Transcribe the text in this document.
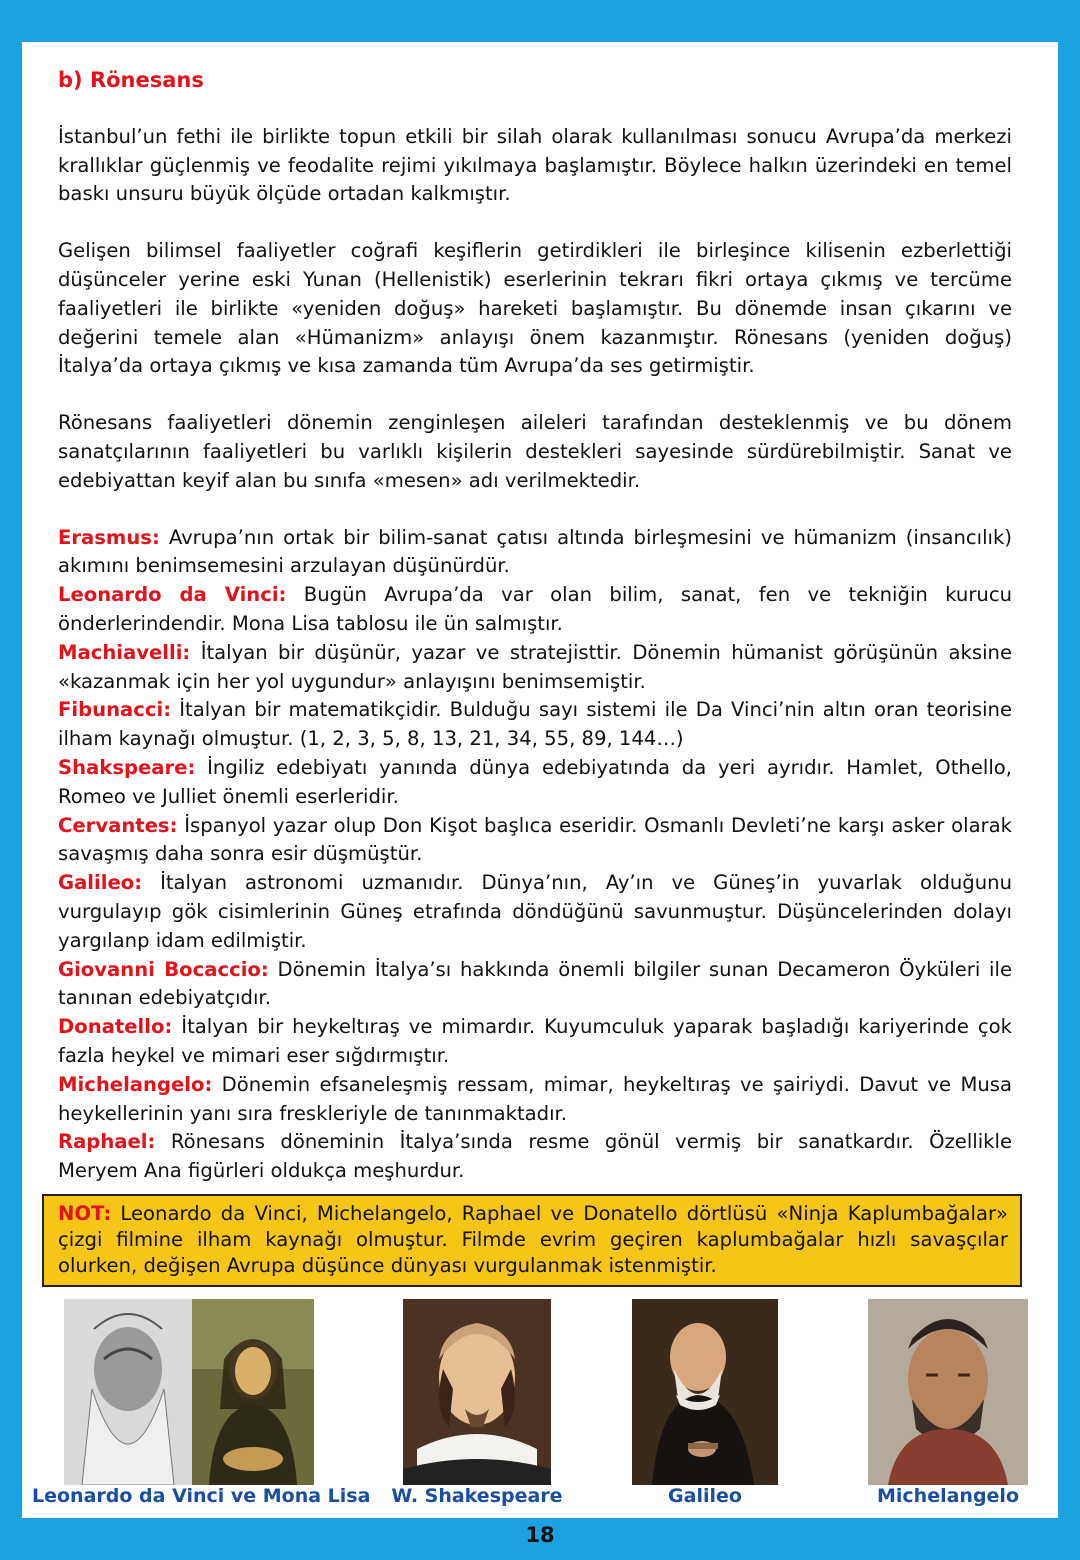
b) Rönesans

İstanbul’un fethi ile birlikte topun etkili bir silah olarak kullanılması sonucu Avrupa’da merkezi krallıklar güçlenmiş ve feodalite rejimi yıkılmaya başlamıştır. Böylece halkın üzerindeki en temel baskı unsuru büyük ölçüde ortadan kalkmıştır.

Gelişen bilimsel faaliyetler coğrafi keşiflerin getirdikleri ile birleşince kilisenin ezberlettiği düşünceler yerine eski Yunan (Hellenistik) eserlerinin tekrarı fikri ortaya çıkmış ve tercüme faaliyetleri ile birlikte «yeniden doğuş» hareketi başlamıştır. Bu dönemde insan çıkarını ve değerini temele alan «Hümanizm» anlayışı önem kazanmıştır. Rönesans (yeniden doğuş) İtalya’da ortaya çıkmış ve kısa zamanda tüm Avrupa’da ses getirmiştir.

Rönesans faaliyetleri dönemin zenginleşen aileleri tarafından desteklenmiş ve bu dönem sanatçılarının faaliyetleri bu varlıklı kişilerin destekleri sayesinde sürdürebilmiştir. Sanat ve edebiyattan keyif alan bu sınıfa «mesen» adı verilmektedir.

Erasmus: Avrupa’nın ortak bir bilim-sanat çatısı altında birleşmesini ve hümanizm (insancılık) akımını benimsemesini arzulayan düşünürdür.

Leonardo da Vinci: Bugün Avrupa’da var olan bilim, sanat, fen ve tekniğin kurucu önderlerindendir. Mona Lisa tablosu ile ün salmıştır.

Machiavelli: İtalyan bir düşünür, yazar ve stratejisttir. Dönemin hümanist görüşünün aksine «kazanmak için her yol uygundur» anlayışını benimsemiştir.

Fibunacci: İtalyan bir matematikçidir. Bulduğu sayı sistemi ile Da Vinci’nin altın oran teorisine ilham kaynağı olmuştur. (1, 2, 3, 5, 8, 13, 21, 34, 55, 89, 144…)

Shakspeare: İngiliz edebiyatı yanında dünya edebiyatında da yeri ayrıdır. Hamlet, Othello, Romeo ve Julliet önemli eserleridir.

Cervantes: İspanyol yazar olup Don Kişot başlıca eseridir. Osmanlı Devleti’ne karşı asker olarak savaşmış daha sonra esir düşmüştür.

Galileo: İtalyan astronomi uzmanıdır. Dünya’nın, Ay’ın ve Güneş’in yuvarlak olduğunu vurgulayıp gök cisimlerinin Güneş etrafında döndüğünü savunmuştur. Düşüncelerinden dolayı yargılanp idam edilmiştir.

Giovanni Bocaccio: Dönemin İtalya’sı hakkında önemli bilgiler sunan Decameron Öyküleri ile tanınan edebiyatçıdır.

Donatello: İtalyan bir heykeltıraş ve mimardır. Kuyumculuk yaparak başladığı kariyerinde çok fazla heykel ve mimari eser sığdırmıştır.

Michelangelo: Dönemin efsaneleşmiş ressam, mimar, heykeltıraş ve şairiydi. Davut ve Musa heykellerinin yanı sıra freskleriyle de tanınmaktadır.

Raphael: Rönesans döneminin İtalya’sında resme gönül vermiş bir sanatkardır. Özellikle Meryem Ana figürleri oldukça meşhurdur.

NOT: Leonardo da Vinci, Michelangelo, Raphael ve Donatello dörtlüsü «Ninja Kaplumbağalar» çizgi filmine ilham kaynağı olmuştur. Filmde evrim geçiren kaplumbağalar hızlı savaşçılar olurken, değişen Avrupa düşünce dünyası vurgulanmak istenmiştir.
Leonardo da Vinci ve Mona Lisa	W. Shakespeare	Galileo	Michelangelo
18
